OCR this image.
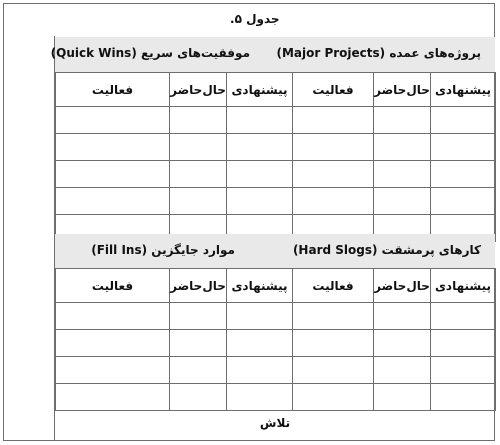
جدول ۵.
پروژه‌های عمده (Major Projects)
موفقیت‌های سریع (Quick Wins)
فعالیت	حال‌حاضر	پیشنهادی	فعالیت	حال‌حاضر	پیشنهادی

کارهای پرمشقت (Hard Slogs)
موارد جایگزین (Fill Ins)
فعالیت	حال‌حاضر	پیشنهادی	فعالیت	حال‌حاضر	پیشنهادی

تلاش
